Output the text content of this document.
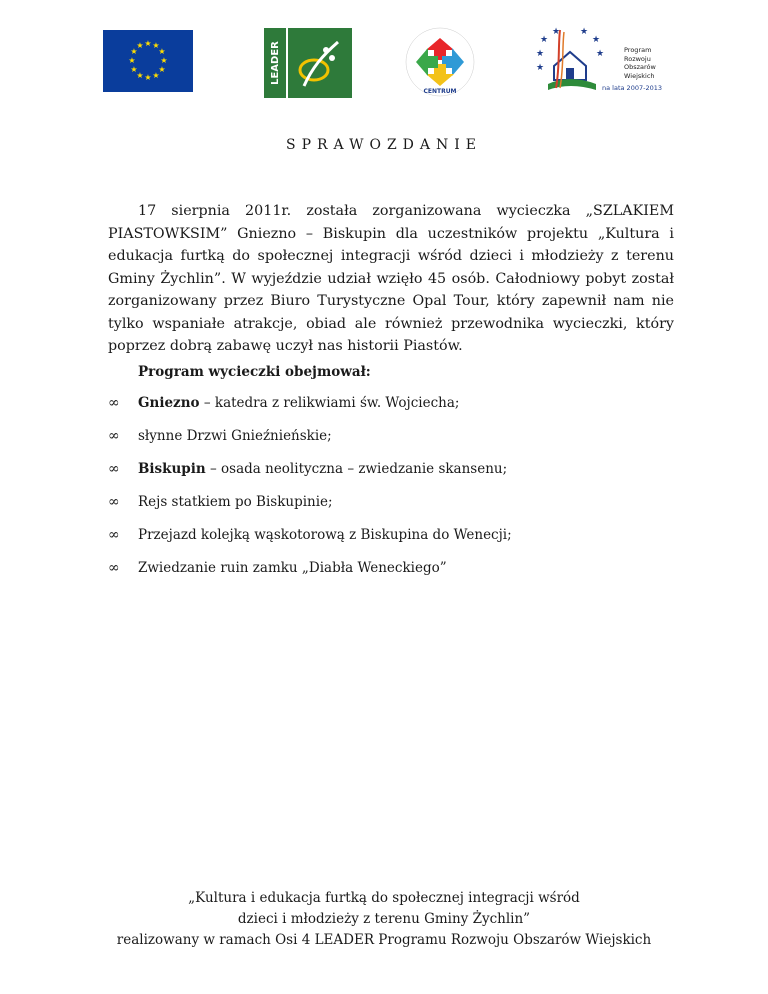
★ ★
★
★
★
★
★
★
★
★
★
★	LEADER
CENTRUM
★
★
★ ★
★
★
★
Program
Rozwoju
Obszarów
Wiejskich
na lata 2007-2013
SPRAWOZDANIE
17 sierpnia 2011r. została zorganizowana wycieczka „SZLAKIEM PIASTOWKSIM” Gniezno – Biskupin dla uczestników projektu „Kultura i edukacja furtką do społecznej integracji wśród dzieci i młodzieży z terenu Gminy Żychlin”. W wyjeździe udział wzięło 45 osób. Całodniowy pobyt został zorganizowany przez Biuro Turystyczne Opal Tour, który zapewnił nam nie tylko wspaniałe atrakcje, obiad ale również przewodnika wycieczki, który poprzez dobrą zabawę uczył nas historii Piastów.
Program wycieczki obejmował:
∞ Gniezno – katedra z relikwiami św. Wojciecha;
∞ słynne Drzwi Gnieźnieńskie;
∞ Biskupin – osada neolityczna – zwiedzanie skansenu;
∞ Rejs statkiem po Biskupinie;
∞ Przejazd kolejką wąskotorową z Biskupina do Wenecji;
∞ Zwiedzanie ruin zamku „Diabła Weneckiego”
„Kultura i edukacja furtką do społecznej integracji wśród
dzieci i młodzieży z terenu Gminy Żychlin”
realizowany w ramach Osi 4 LEADER Programu Rozwoju Obszarów Wiejskich
